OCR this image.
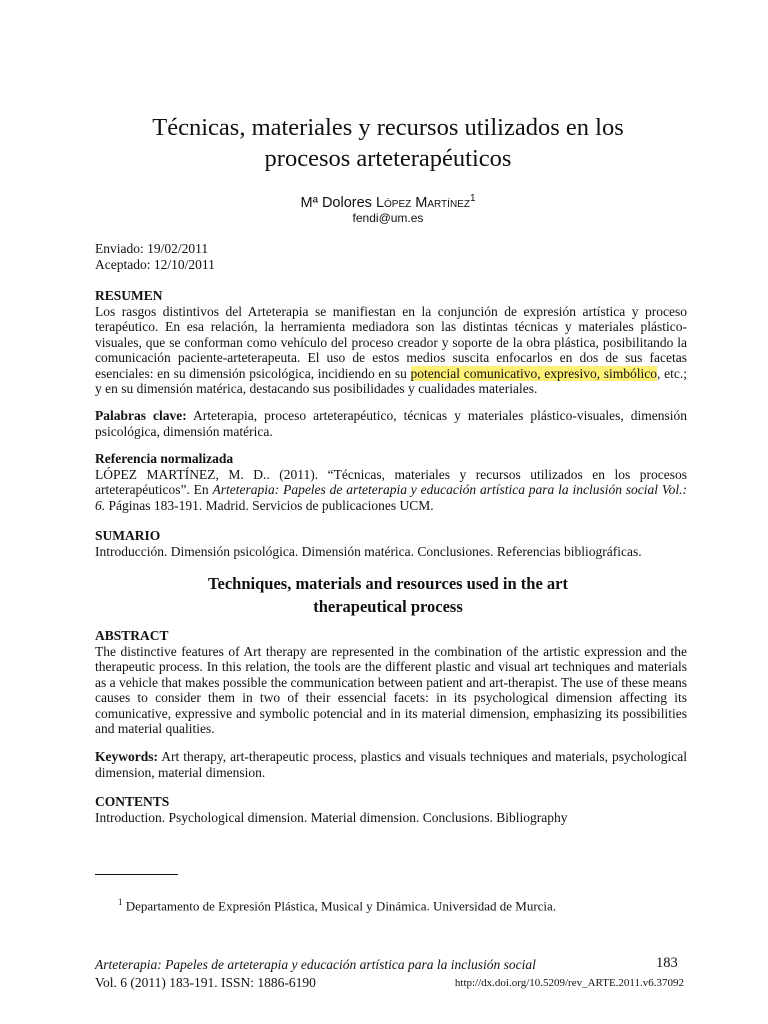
Técnicas, materiales y recursos utilizados en los
procesos arteterapéuticos
Mª Dolores López Martínez$^1$
fendi@um.es
Enviado: 19/02/2011
Aceptado: 12/10/2011
RESUMEN
Los rasgos distintivos del Arteterapia se manifiestan en la conjunción de expresión artística y proceso terapéutico. En esa relación, la herramienta mediadora son las distintas técnicas y materiales plástico-visuales, que se conforman como vehículo del proceso creador y soporte de la obra plástica, posibilitando la comunicación paciente-arteterapeuta. El uso de estos medios suscita enfocarlos en dos de sus facetas esenciales: en su dimensión psicológica, incidiendo en su potencial comunicativo, expresivo, simbólico, etc.; y en su dimensión matérica, destacando sus posibilidades y cualidades materiales.
Palabras clave: Arteterapia, proceso arteterapéutico, técnicas y materiales plástico-visuales, dimensión psicológica, dimensión matérica.
Referencia normalizada
LÓPEZ MARTÍNEZ, M. D.. (2011). “Técnicas, materiales y recursos utilizados en los procesos arteterapéuticos”. En Arteterapia: Papeles de arteterapia y educación artística para la inclusión social Vol.: 6. Páginas 183-191. Madrid. Servicios de publicaciones UCM.
SUMARIO
Introducción. Dimensión psicológica. Dimensión matérica. Conclusiones. Referencias bibliográficas.
Techniques, materials and resources used in the art
therapeutical process
ABSTRACT
The distinctive features of Art therapy are represented in the combination of the artistic expression and the therapeutic process. In this relation, the tools are the different plastic and visual art techniques and materials as a vehicle that makes possible the communication between patient and art-therapist. The use of these means causes to consider them in two of their essencial facets: in its psychological dimension affecting its comunicative, expressive and symbolic potencial and in its material dimension, emphasizing its possibilities and material qualities.
Keywords: Art therapy, art-therapeutic process, plastics and visuals techniques and materials, psychological dimension, material dimension.
CONTENTS
Introduction. Psychological dimension. Material dimension. Conclusions. Bibliography
$^1$ Departamento de Expresión Plástica, Musical y Dinámica. Universidad de Murcia.
Arteterapia: Papeles de arteterapia y educación artística para la inclusión social	183
Vol. 6 (2011) 183-191. ISSN: 1886-6190	http://dx.doi.org/10.5209/rev_ARTE.2011.v6.37092
